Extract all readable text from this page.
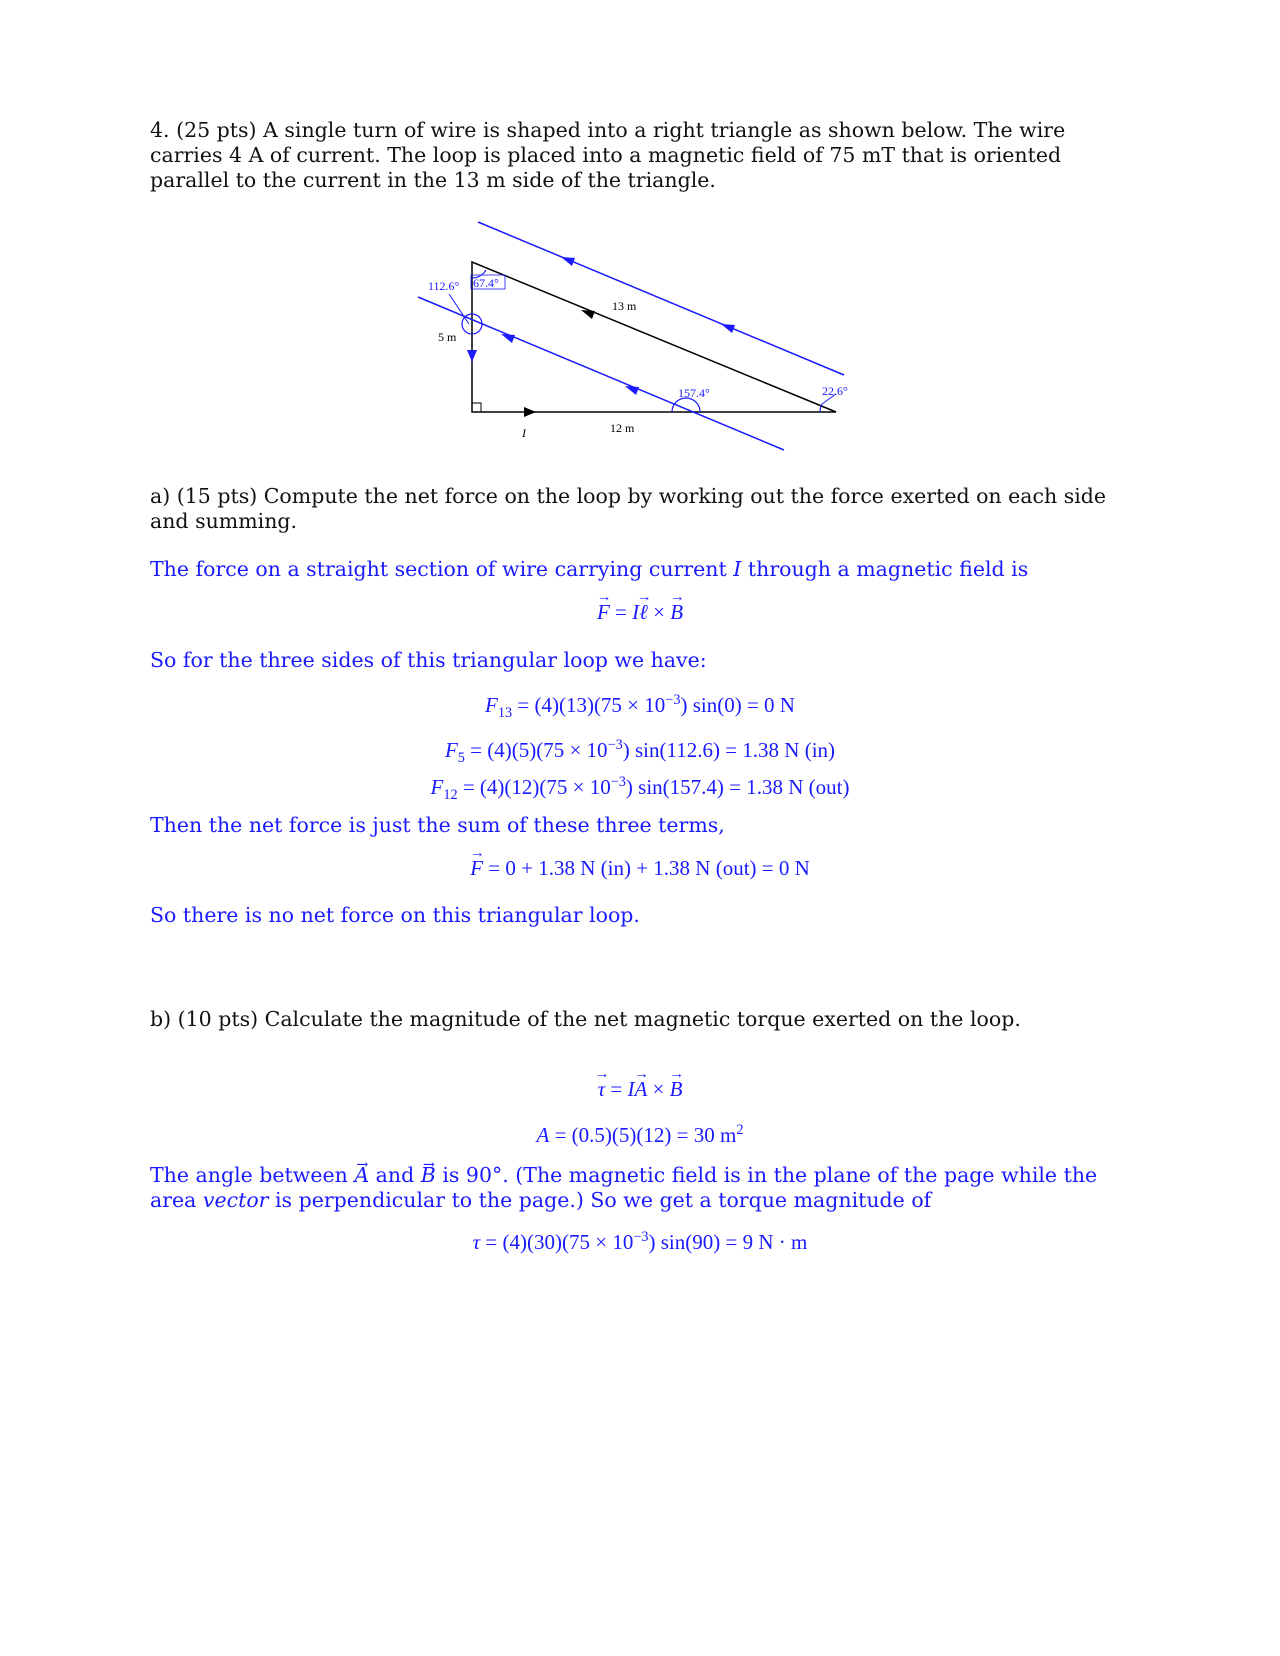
4. (25 pts) A single turn of wire is shaped into a right triangle as shown below. The wire carries 4 A of current. The loop is placed into a magnetic field of 75 mT that is oriented parallel to the current in the 13 m side of the triangle.

112.6° 67.4°
13 m
5 m
157.4°	22.6°
12 m
I

a) (15 pts) Compute the net force on the loop by working out the force exerted on each side and summing.

The force on a straight section of wire carrying current I through a magnetic field is

→ F = I→ ℓ × → B

So for the three sides of this triangular loop we have:

$F_{13} = (4)(13)(75 \times 10^{-3}) \sin(0) = 0$ N
$F_5 = (4)(5)(75 \times 10^{-3}) \sin(112.6) = 1.38$ N (in)
$F_{12} = (4)(12)(75 \times 10^{-3}) \sin(157.4) = 1.38$ N (out)

Then the net force is just the sum of these three terms,

→ F = 0 + 1.38 N (in) + 1.38 N (out) = 0 N

So there is no net force on this triangular loop.

b) (10 pts) Calculate the magnitude of the net magnetic torque exerted on the loop.

→ τ = I→ A × → B
A = (0.5)(5)(12) = 30 $m^2$

The angle between → A and → B is 90°. (The magnetic field is in the plane of the page while the area vector is perpendicular to the page.) So we get a torque magnitude of

$\tau = (4)(30)(75 \times 10^{-3})$ sin(90) = 9 N · m
